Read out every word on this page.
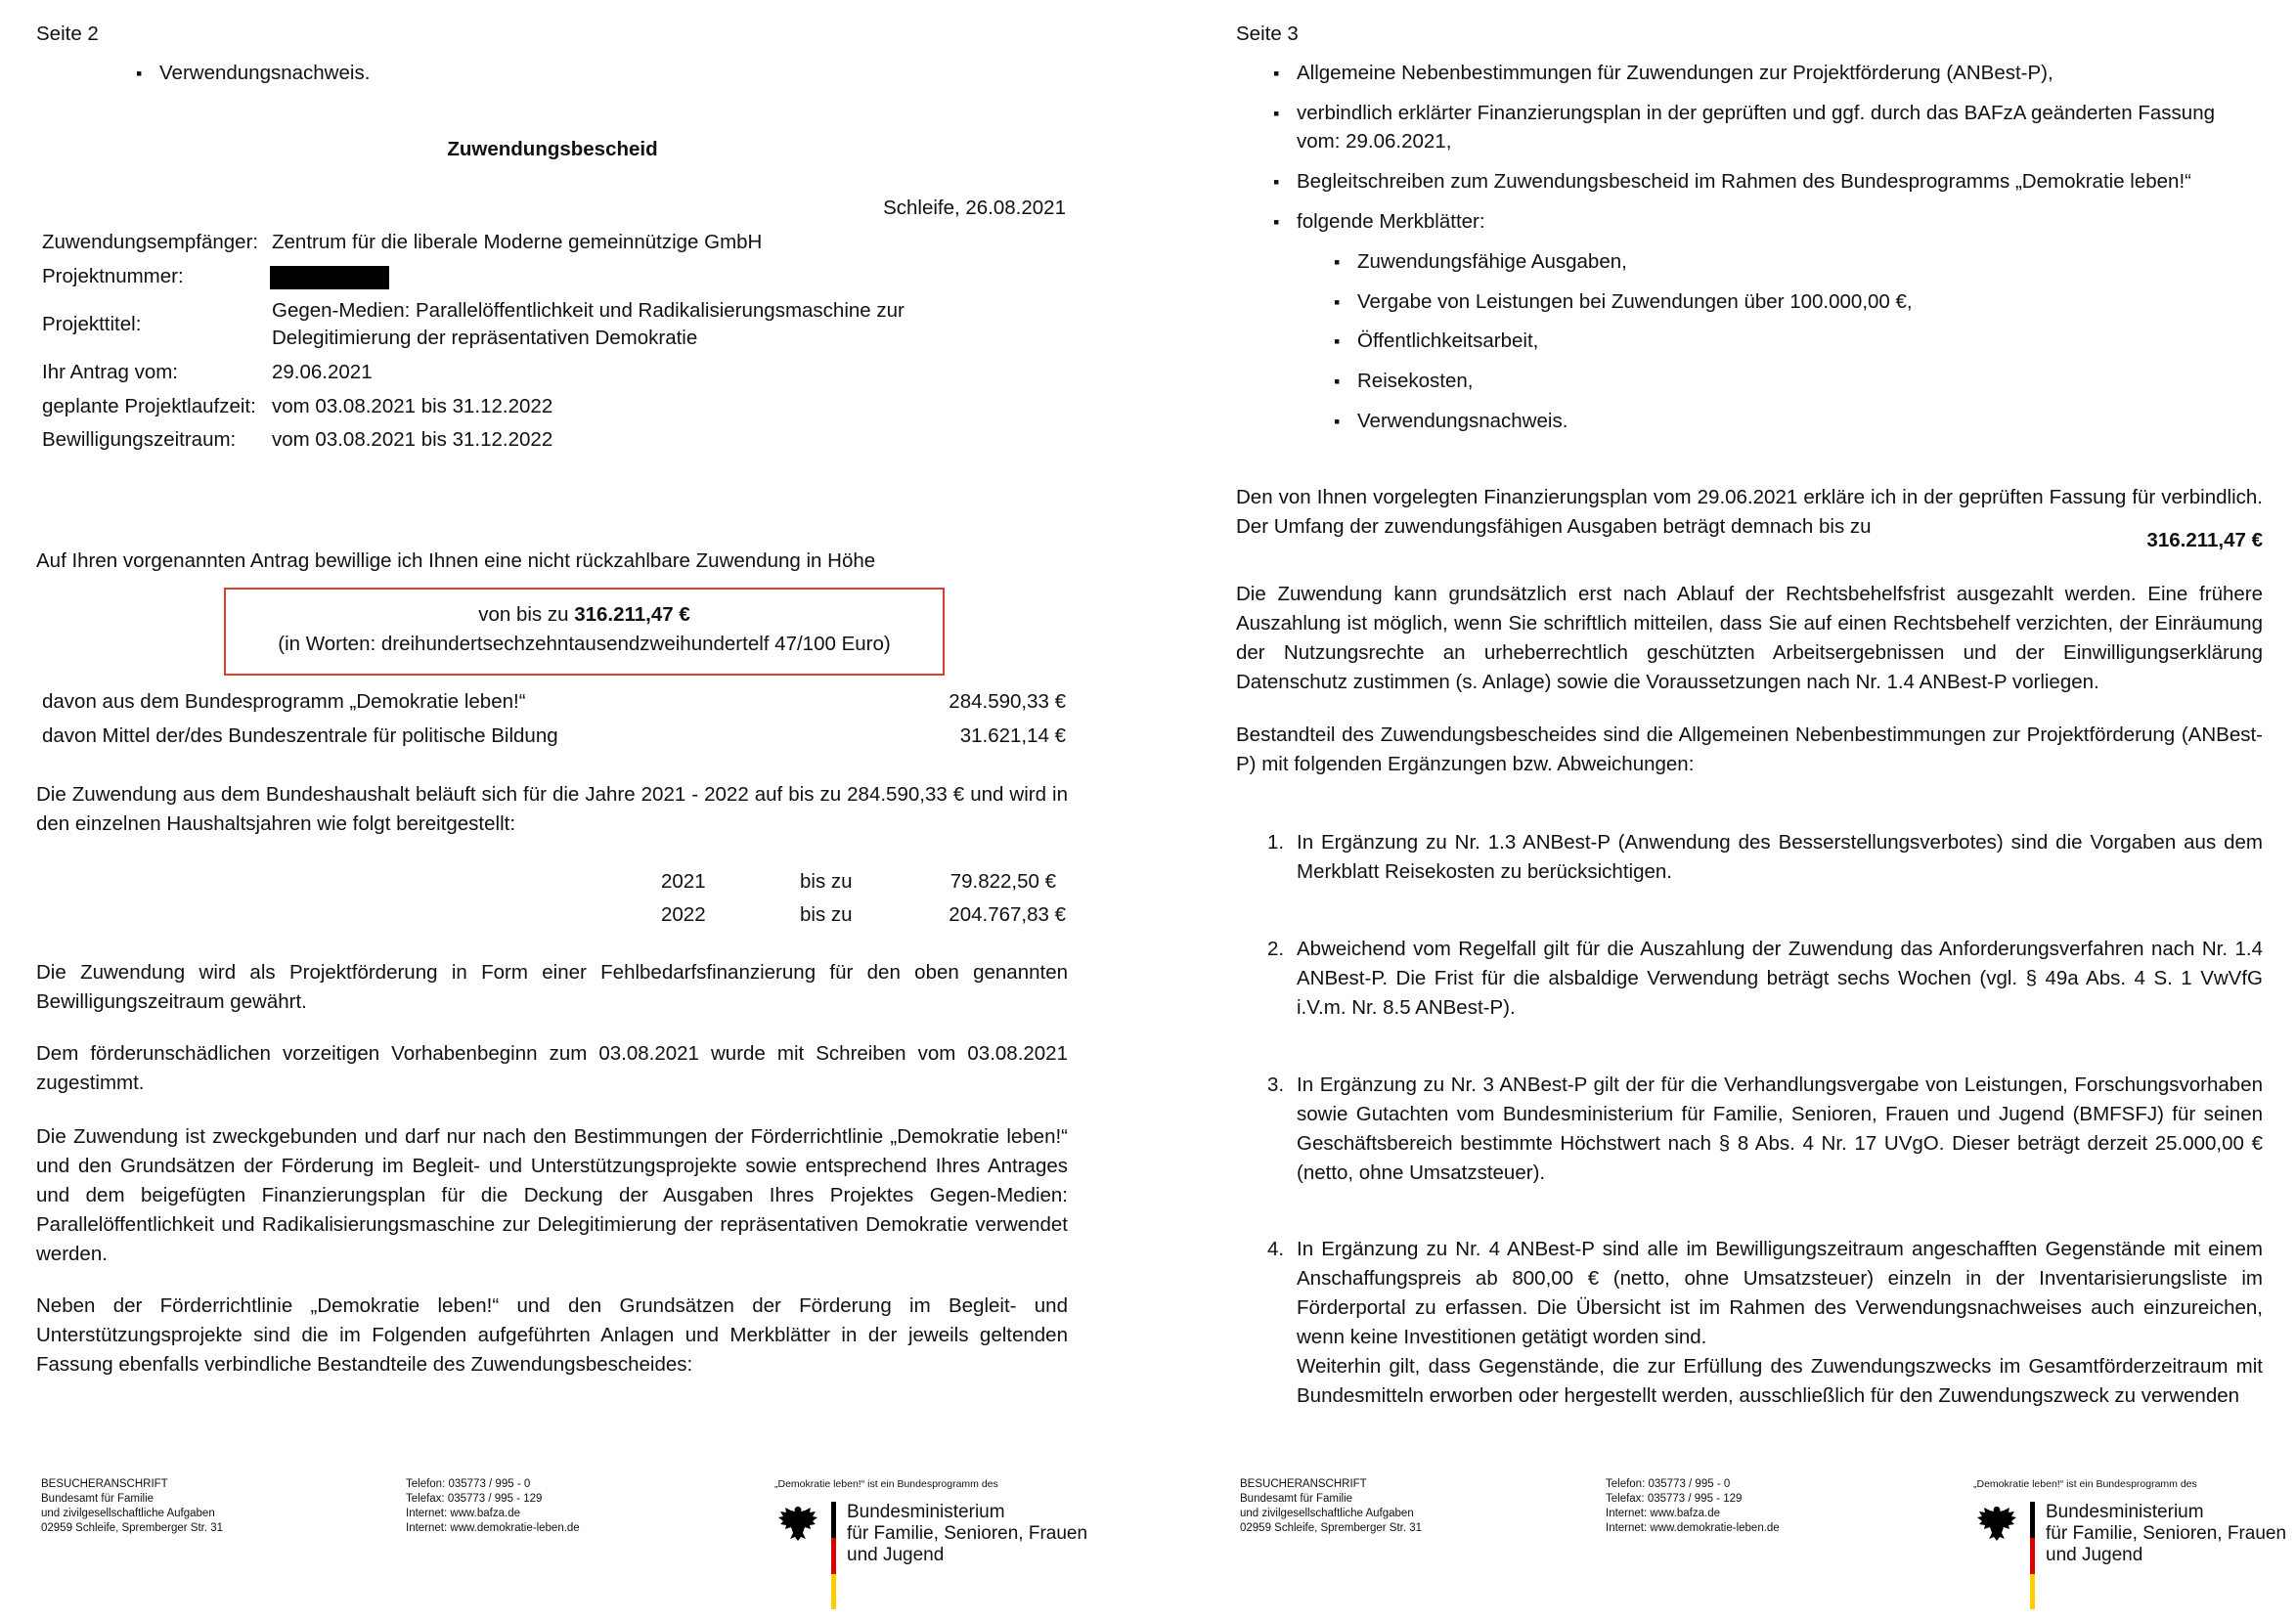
Seite 2
▪ Verwendungsnachweis.
Zuwendungsbescheid
Schleife, 26.08.2021
Zuwendungsempfänger: Zentrum für die liberale Moderne gemeinnützige GmbH
Projektnummer:
Projekttitel:
Gegen-Medien: Parallelöffentlichkeit und Radikalisierungsmaschine zur
Delegitimierung der repräsentativen Demokratie
Ihr Antrag vom:	29.06.2021
geplante Projektlaufzeit: vom 03.08.2021 bis 31.12.2022
Bewilligungszeitraum: vom 03.08.2021 bis 31.12.2022
Auf Ihren vorgenannten Antrag bewillige ich Ihnen eine nicht rückzahlbare Zuwendung in Höhe
von bis zu 316.211,47 €
(in Worten: dreihundertsechzehntausendzweihundertelf 47/100 Euro)
davon aus dem Bundesprogramm „Demokratie leben!“	284.590,33 €
davon Mittel der/des Bundeszentrale für politische Bildung	31.621,14 €
Die Zuwendung aus dem Bundeshaushalt beläuft sich für die Jahre 2021 - 2022 auf bis zu 284.590,33 € und wird in den einzelnen Haushaltsjahren wie folgt bereitgestellt:
2021	bis zu	79.822,50 €
2022	bis zu	204.767,83 €
Die Zuwendung wird als Projektförderung in Form einer Fehlbedarfsfinanzierung für den oben genannten Bewilligungszeitraum gewährt.
Dem förderunschädlichen vorzeitigen Vorhabenbeginn zum 03.08.2021 wurde mit Schreiben vom 03.08.2021 zugestimmt.
Die Zuwendung ist zweckgebunden und darf nur nach den Bestimmungen der Förderrichtlinie „Demokratie leben!“ und den Grundsätzen der Förderung im Begleit- und Unterstützungsprojekte sowie entsprechend Ihres Antrages und dem beigefügten Finanzierungsplan für die Deckung der Ausgaben Ihres Projektes Gegen-Medien: Parallelöffentlichkeit und Radikalisierungsmaschine zur Delegitimierung der repräsentativen Demokratie verwendet werden.
Neben der Förderrichtlinie „Demokratie leben!“ und den Grundsätzen der Förderung im Begleit- und Unterstützungsprojekte sind die im Folgenden aufgeführten Anlagen und Merkblätter in der jeweils geltenden Fassung ebenfalls verbindliche Bestandteile des Zuwendungsbescheides:
BESUCHERANSCHRIFT
Bundesamt für Familie
und zivilgesellschaftliche Aufgaben
02959 Schleife, Spremberger Str. 31
Telefon: 035773 / 995 - 0
Telefax: 035773 / 995 - 129
Internet: www.bafza.de
Internet: www.demokratie-leben.de
„Demokratie leben!“ ist ein Bundesprogramm des
Bundesministerium
für Familie, Senioren, Frauen
und Jugend
Seite 3
▪ Allgemeine Nebenbestimmungen für Zuwendungen zur Projektförderung (ANBest-P),
▪ verbindlich erklärter Finanzierungsplan in der geprüften und ggf. durch das BAFzA geänderten Fassung
vom: 29.06.2021,
▪ Begleitschreiben zum Zuwendungsbescheid im Rahmen des Bundesprogramms „Demokratie leben!“
▪ folgende Merkblätter:
▪ Zuwendungsfähige Ausgaben,
▪ Vergabe von Leistungen bei Zuwendungen über 100.000,00 €,
▪ Öffentlichkeitsarbeit,
▪ Reisekosten,
▪ Verwendungsnachweis.
Den von Ihnen vorgelegten Finanzierungsplan vom 29.06.2021 erkläre ich in der geprüften Fassung für verbindlich. Der Umfang der zuwendungsfähigen Ausgaben beträgt demnach bis zu
316.211,47 €
Die Zuwendung kann grundsätzlich erst nach Ablauf der Rechtsbehelfsfrist ausgezahlt werden. Eine frühere Auszahlung ist möglich, wenn Sie schriftlich mitteilen, dass Sie auf einen Rechtsbehelf verzichten, der Einräumung der Nutzungsrechte an urheberrechtlich geschützten Arbeitsergebnissen und der Einwilligungserklärung Datenschutz zustimmen (s. Anlage) sowie die Voraussetzungen nach Nr. 1.4 ANBest-P vorliegen.
Bestandteil des Zuwendungsbescheides sind die Allgemeinen Nebenbestimmungen zur Projektförderung (ANBest-P) mit folgenden Ergänzungen bzw. Abweichungen:
1. In Ergänzung zu Nr. 1.3 ANBest-P (Anwendung des Besserstellungsverbotes) sind die Vorgaben aus dem Merkblatt Reisekosten zu berücksichtigen.
2. Abweichend vom Regelfall gilt für die Auszahlung der Zuwendung das Anforderungsverfahren nach Nr. 1.4 ANBest-P. Die Frist für die alsbaldige Verwendung beträgt sechs Wochen (vgl. § 49a Abs. 4 S. 1 VwVfG i.V.m. Nr. 8.5 ANBest-P).
3. In Ergänzung zu Nr. 3 ANBest-P gilt der für die Verhandlungsvergabe von Leistungen, Forschungsvorhaben sowie Gutachten vom Bundesministerium für Familie, Senioren, Frauen und Jugend (BMFSFJ) für seinen Geschäftsbereich bestimmte Höchstwert nach § 8 Abs. 4 Nr. 17 UVgO. Dieser beträgt derzeit 25.000,00 € (netto, ohne Umsatzsteuer).
4. In Ergänzung zu Nr. 4 ANBest-P sind alle im Bewilligungszeitraum angeschafften Gegenstände mit einem Anschaffungspreis ab 800,00 € (netto, ohne Umsatzsteuer) einzeln in der Inventarisierungsliste im Förderportal zu erfassen. Die Übersicht ist im Rahmen des Verwendungsnachweises auch einzureichen, wenn keine Investitionen getätigt worden sind.
Weiterhin gilt, dass Gegenstände, die zur Erfüllung des Zuwendungszwecks im Gesamtförderzeitraum mit Bundesmitteln erworben oder hergestellt werden, ausschließlich für den Zuwendungszweck zu verwenden
BESUCHERANSCHRIFT
Bundesamt für Familie
und zivilgesellschaftliche Aufgaben
02959 Schleife, Spremberger Str. 31
Telefon: 035773 / 995 - 0
Telefax: 035773 / 995 - 129
Internet: www.bafza.de
Internet: www.demokratie-leben.de
„Demokratie leben!“ ist ein Bundesprogramm des
Bundesministerium
für Familie, Senioren, Frauen
und Jugend
